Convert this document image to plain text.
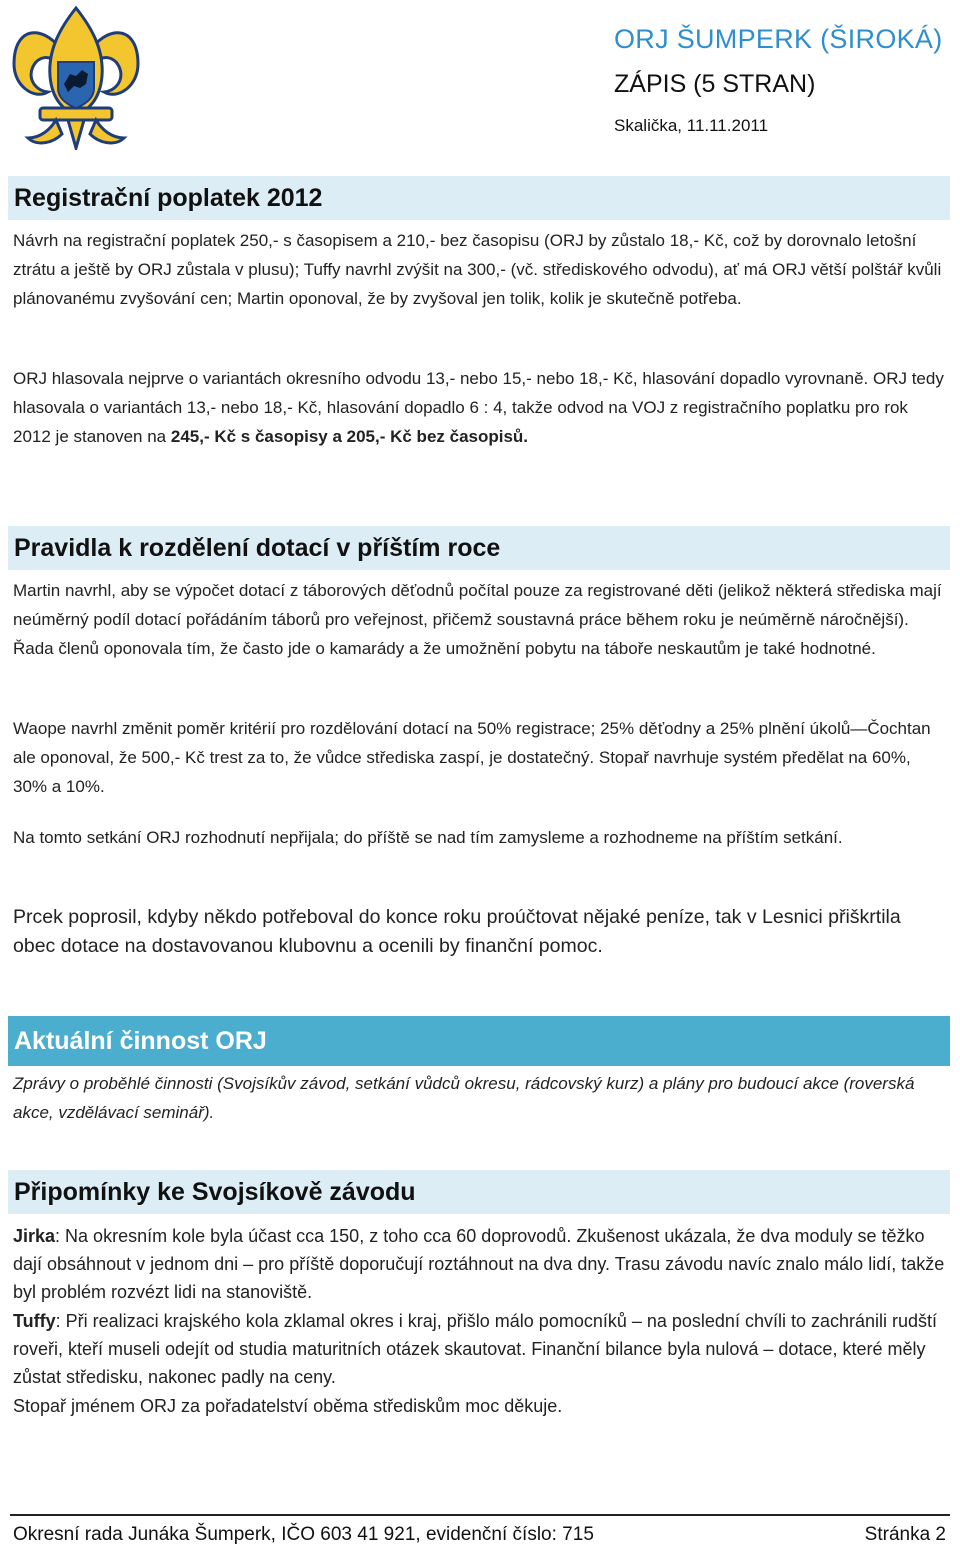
ORJ ŠUMPERK (ŠIROKÁ)
ZÁPIS (5 STRAN)
Skalička, 11.11.2011
Registrační poplatek 2012

Návrh na registrační poplatek 250,- s časopisem a 210,- bez časopisu (ORJ by zůstalo 18,- Kč, což by dorovnalo letošní ztrátu a ještě by ORJ zůstala v plusu); Tuffy navrhl zvýšit na 300,- (vč. střediskového odvodu), ať má ORJ větší polštář kvůli plánovanému zvyšování cen; Martin oponoval, že by zvyšoval jen tolik, kolik je skutečně potřeba.

ORJ hlasovala nejprve o variantách okresního odvodu 13,- nebo 15,- nebo 18,- Kč, hlasování dopadlo vyrovnaně. ORJ tedy hlasovala o variantách 13,- nebo 18,- Kč, hlasování dopadlo 6 : 4, takže odvod na VOJ z registračního poplatku pro rok 2012 je stanoven na 245,- Kč s časopisy a 205,- Kč bez časopisů.

Pravidla k rozdělení dotací v příštím roce

Martin navrhl, aby se výpočet dotací z táborových děťodnů počítal pouze za registrované děti (jelikož některá střediska mají neúměrný podíl dotací pořádáním táborů pro veřejnost, přičemž soustavná práce během roku je neúměrně náročnější). Řada členů oponovala tím, že často jde o kamarády a že umožnění pobytu na táboře neskautům je také hodnotné.

Waope navrhl změnit poměr kritérií pro rozdělování dotací na 50% registrace; 25% děťodny a 25% plnění úkolů—Čochtan ale oponoval, že 500,- Kč trest za to, že vůdce střediska zaspí, je dostatečný. Stopař navrhuje systém předělat na 60%, 30% a 10%.

Na tomto setkání ORJ rozhodnutí nepřijala; do příště se nad tím zamysleme a rozhodneme na příštím setkání.

Prcek poprosil, kdyby někdo potřeboval do konce roku proúčtovat nějaké peníze, tak v Lesnici přiškrtila obec dotace na dostavovanou klubovnu a ocenili by finanční pomoc.

Aktuální činnost ORJ

Zprávy o proběhlé činnosti (Svojsíkův závod, setkání vůdců okresu, rádcovský kurz) a plány pro budoucí akce (roverská akce, vzdělávací seminář).

Připomínky ke Svojsíkově závodu

Jirka: Na okresním kole byla účast cca 150, z toho cca 60 doprovodů. Zkušenost ukázala, že dva moduly se těžko dají obsáhnout v jednom dni – pro příště doporučují roztáhnout na dva dny. Trasu závodu navíc znalo málo lidí, takže byl problém rozvézt lidi na stanoviště.

Tuffy: Při realizaci krajského kola zklamal okres i kraj, přišlo málo pomocníků – na poslední chvíli to zachránili rudští roveři, kteří museli odejít od studia maturitních otázek skautovat. Finanční bilance byla nulová – dotace, které měly zůstat středisku, nakonec padly na ceny.

Stopař jménem ORJ za pořadatelství oběma střediskům moc děkuje.

Okresní rada Junáka Šumperk, IČO 603 41 921, evidenční číslo: 715	Stránka 2
